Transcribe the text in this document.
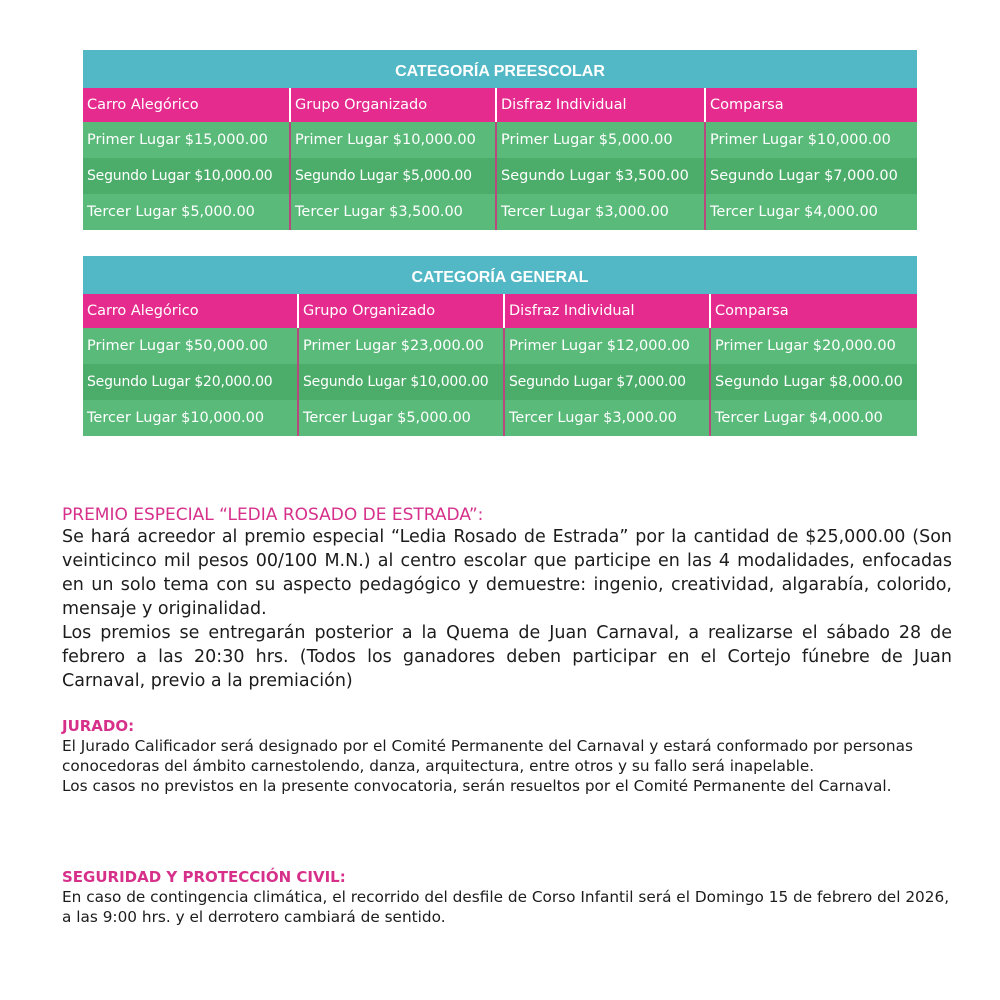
CATEGORÍA PREESCOLAR
Carro Alegórico	Grupo Organizado	Disfraz Individual	Comparsa
Primer Lugar $15,000.00	Primer Lugar $10,000.00	Primer Lugar $5,000.00	Primer Lugar $10,000.00
Segundo Lugar $10,000.00	Segundo Lugar $5,000.00	Segundo Lugar $3,500.00	Segundo Lugar $7,000.00
Tercer Lugar $5,000.00	Tercer Lugar $3,500.00	Tercer Lugar $3,000.00	Tercer Lugar $4,000.00
CATEGORÍA GENERAL
Carro Alegórico	Grupo Organizado	Disfraz Individual	Comparsa
Primer Lugar $50,000.00	Primer Lugar $23,000.00	Primer Lugar $12,000.00	Primer Lugar $20,000.00
Segundo Lugar $20,000.00	Segundo Lugar $10,000.00	Segundo Lugar $7,000.00	Segundo Lugar $8,000.00
Tercer Lugar $10,000.00	Tercer Lugar $5,000.00	Tercer Lugar $3,000.00	Tercer Lugar $4,000.00
PREMIO ESPECIAL “LEDIA ROSADO DE ESTRADA”:

Se hará acreedor al premio especial “Ledia Rosado de Estrada” por la cantidad de $25,000.00 (Son veinticinco mil pesos 00/100 M.N.) al centro escolar que participe en las 4 modalidades, enfocadas en un solo tema con su aspecto pedagógico y demuestre: ingenio, creatividad, algarabía, colorido, mensaje y originalidad.

Los premios se entregarán posterior a la Quema de Juan Carnaval, a realizarse el sábado 28 de febrero a las 20:30 hrs. (Todos los ganadores deben participar en el Cortejo fúnebre de Juan Carnaval, previo a la premiación)

JURADO:

El Jurado Calificador será designado por el Comité Permanente del Carnaval y estará conformado por personas conocedoras del ámbito carnestolendo, danza, arquitectura, entre otros y su fallo será inapelable.

Los casos no previstos en la presente convocatoria, serán resueltos por el Comité Permanente del Carnaval.

SEGURIDAD Y PROTECCIÓN CIVIL:

En caso de contingencia climática, el recorrido del desfile de Corso Infantil será el Domingo 15 de febrero del 2026, a las 9:00 hrs. y el derrotero cambiará de sentido.
